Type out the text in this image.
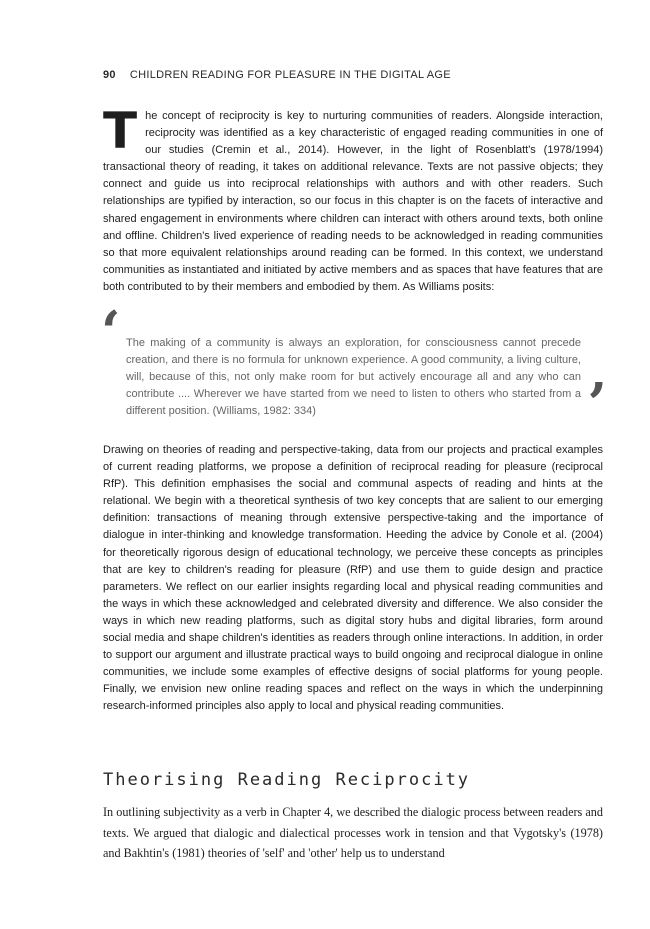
90 CHILDREN READING FOR PLEASURE IN THE DIGITAL AGE
The concept of reciprocity is key to nurturing communities of readers. Alongside interaction, reciprocity was identified as a key characteristic of engaged reading communities in one of our studies (Cremin et al., 2014). However, in the light of Rosenblatt's (1978/1994) transactional theory of reading, it takes on additional relevance. Texts are not passive objects; they connect and guide us into reciprocal relationships with authors and with other readers. Such relationships are typified by interaction, so our focus in this chapter is on the facets of interactive and shared engagement in environments where children can interact with others around texts, both online and offline. Children's lived experience of reading needs to be acknowledged in reading communities so that more equivalent relationships around reading can be formed. In this context, we understand communities as instantiated and initiated by active members and as spaces that have features that are both contributed to by their members and embodied by them. As Williams posits:
‘ The making of a community is always an exploration, for consciousness cannot precede creation, and there is no formula for unknown experience. A good community, a living culture, will, because of this, not only make room for but actively encourage all and any who can contribute .... Wherever we have started from we need to listen to others who started from a different position. (Williams, 1982: 334)	’
Drawing on theories of reading and perspective-taking, data from our projects and practical examples of current reading platforms, we propose a definition of reciprocal reading for pleasure (reciprocal RfP). This definition emphasises the social and communal aspects of reading and hints at the relational. We begin with a theoretical synthesis of two key concepts that are salient to our emerging definition: transactions of meaning through extensive perspective-taking and the importance of dialogue in inter-thinking and knowledge transformation. Heeding the advice by Conole et al. (2004) for theoretically rigorous design of educational technology, we perceive these concepts as principles that are key to children's reading for pleasure (RfP) and use them to guide design and practice parameters. We reflect on our earlier insights regarding local and physical reading communities and the ways in which these acknowledged and celebrated diversity and difference. We also consider the ways in which new reading platforms, such as digital story hubs and digital libraries, form around social media and shape children's identities as readers through online interactions. In addition, in order to support our argument and illustrate practical ways to build ongoing and reciprocal dialogue in online communities, we include some examples of effective designs of social platforms for young people. Finally, we envision new online reading spaces and reflect on the ways in which the underpinning research-informed principles also apply to local and physical reading communities.
Theorising Reading Reciprocity
In outlining subjectivity as a verb in Chapter 4, we described the dialogic process between readers and texts. We argued that dialogic and dialectical processes work in tension and that Vygotsky's (1978) and Bakhtin's (1981) theories of 'self' and 'other' help us to understand
